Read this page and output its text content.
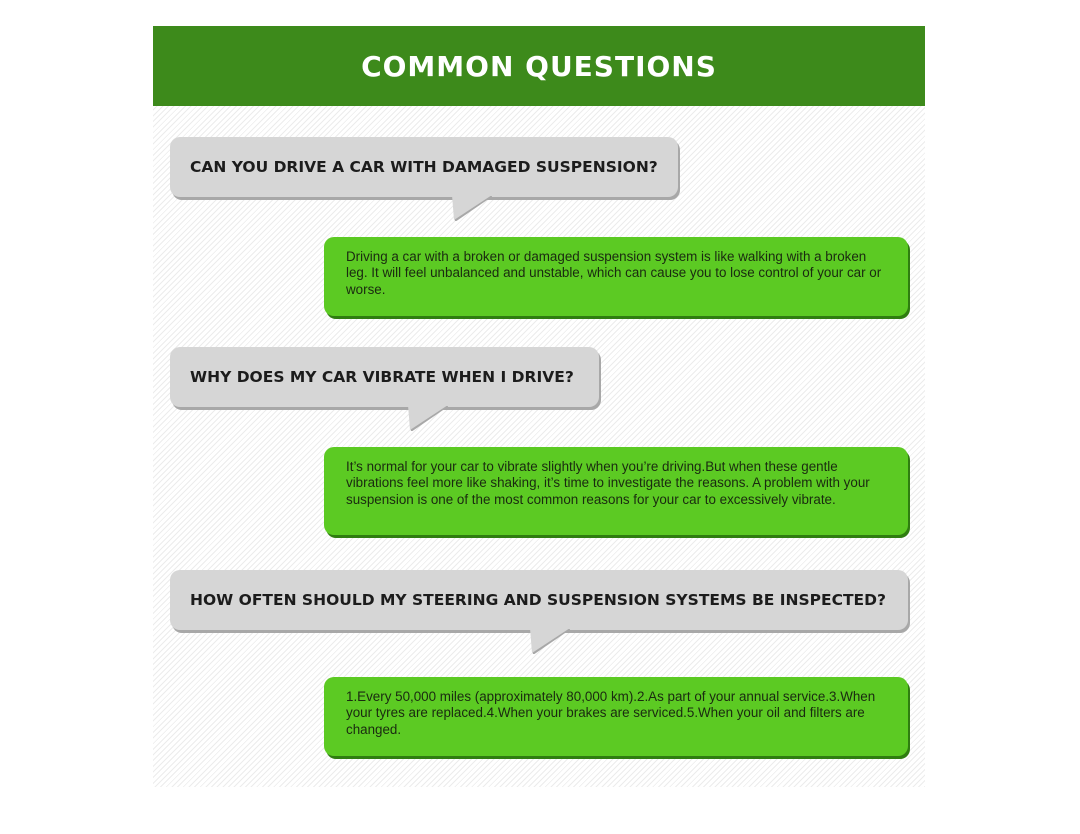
COMMON QUESTIONS
CAN YOU DRIVE A CAR WITH DAMAGED SUSPENSION?
Driving a car with a broken or damaged suspension system is like walking with a broken leg. It will feel unbalanced and unstable, which can cause you to lose control of your car or worse.
WHY DOES MY CAR VIBRATE WHEN I DRIVE?
It’s normal for your car to vibrate slightly when you’re driving.But when these gentle vibrations feel more like shaking, it’s time to investigate the reasons. A problem with your suspension is one of the most common reasons for your car to excessively vibrate.
HOW OFTEN SHOULD MY STEERING AND SUSPENSION SYSTEMS BE INSPECTED?
1.Every 50,000 miles (approximately 80,000 km).2.As part of your annual service.3.When your tyres are replaced.4.When your brakes are serviced.5.When your oil and filters are changed.
